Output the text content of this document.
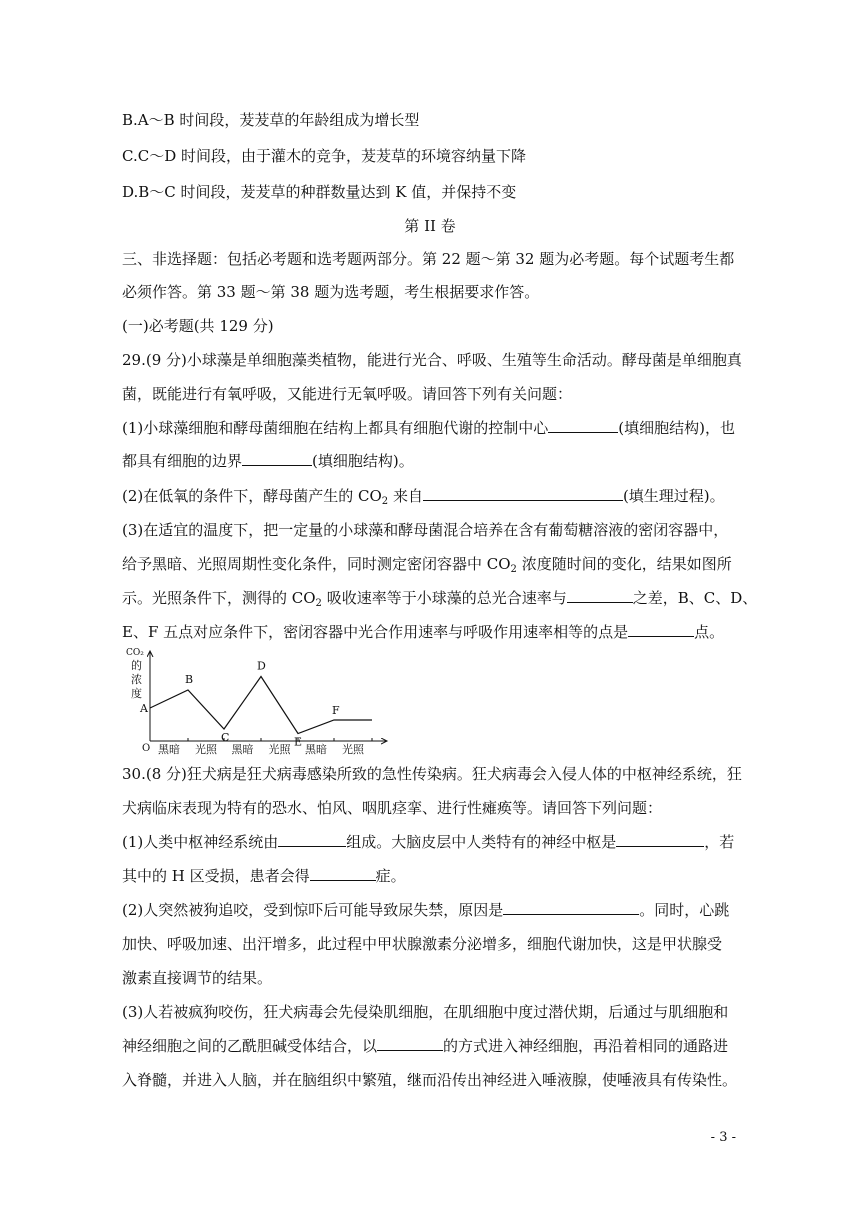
B.A～B 时间段，茇茇草的年龄组成为增长型
C.C～D 时间段，由于灌木的竞争，茇茇草的环境容纳量下降
D.B～C 时间段，茇茇草的种群数量达到 K 值，并保持不变
第 II 卷
三、非选择题：包括必考题和选考题两部分。第 22 题～第 32 题为必考题。每个试题考生都
必须作答。第 33 题～第 38 题为选考题，考生根据要求作答。
(一)必考题(共 129 分)
29.(9 分)小球藻是单细胞藻类植物，能进行光合、呼吸、生殖等生命活动。酵母菌是单细胞真
菌，既能进行有氧呼吸，又能进行无氧呼吸。请回答下列有关问题：
(1)小球藻细胞和酵母菌细胞在结构上都具有细胞代谢的控制中心	(填细胞结构)，也
都具有细胞的边界	(填细胞结构)。
(2)在低氧的条件下，酵母菌产生的 $CO_2$ 来自	(填生理过程)。
(3)在适宜的温度下，把一定量的小球藻和酵母菌混合培养在含有葡萄糖溶液的密闭容器中，
给予黑暗、光照周期性变化条件，同时测定密闭容器中 $CO_2$ 浓度随时间的变化，结果如图所
示。光照条件下，测得的 $CO_2$ 吸收速率等于小球藻的总光合速率与	之差，B、C、D、
E、F 五点对应条件下，密闭容器中光合作用速率与呼吸作用速率相等的点是	点。
CO₂
的
浓
度
O 黑暗 光照 黑暗 光照 黑暗 光照
A
B
C
D
E
F
30.(8 分)狂犬病是狂犬病毒感染所致的急性传染病。狂犬病毒会入侵人体的中枢神经系统，狂
犬病临床表现为特有的恐水、怕风、咽肌痉挛、进行性瘫痪等。请回答下列问题：
(1)人类中枢神经系统由	组成。大脑皮层中人类特有的神经中枢是	，若
其中的 H 区受损，患者会得	症。
(2)人突然被狗追咬，受到惊吓后可能导致尿失禁，原因是	。同时，心跳
加快、呼吸加速、出汗增多，此过程中甲状腺激素分泌增多，细胞代谢加快，这是甲状腺受
激素直接调节的结果。
(3)人若被疯狗咬伤，狂犬病毒会先侵染肌细胞，在肌细胞中度过潜伏期，后通过与肌细胞和
神经细胞之间的乙酰胆碱受体结合，以	的方式进入神经细胞，再沿着相同的通路进
入脊髓，并进入人脑，并在脑组织中繁殖，继而沿传出神经进入唾液腺，使唾液具有传染性。
- 3 -
